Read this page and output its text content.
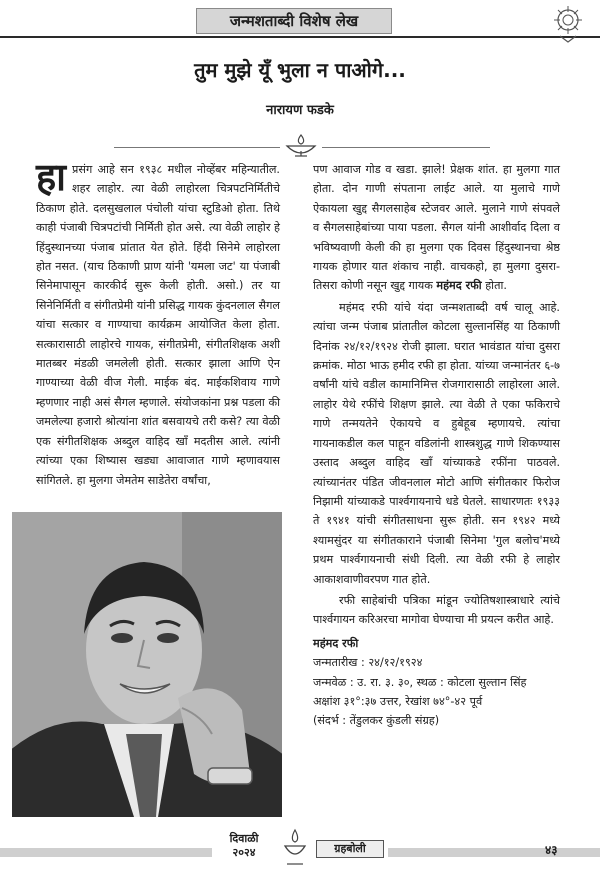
जन्मशताब्दी विशेष लेख
तुम मुझे यूँ भुला न पाओगे...
नारायण फडके

हा प्रसंग आहे सन १९३८ मधील नोव्हेंबर महिन्यातील. शहर लाहोर. त्या वेळी लाहोरला चित्रपटनिर्मितीचे ठिकाण होते. दलसुखलाल पंचोली यांचा स्टुडिओ होता. तिथे काही पंजाबी चित्रपटांची निर्मिती होत असे. त्या वेळी लाहोर हे हिंदुस्थानच्या पंजाब प्रांतात येत होते. हिंदी सिनेमे लाहोरला होत नसत. (याच ठिकाणी प्राण यांनी 'यमला जट' या पंजाबी सिनेमापासून कारकीर्द सुरू केली होती. असो.) तर या सिनेनिर्मिती व संगीतप्रेमी यांनी प्रसिद्ध गायक कुंदनलाल सैगल यांचा सत्कार व गाण्याचा कार्यक्रम आयोजित केला होता. सत्कारासाठी लाहोरचे गायक, संगीतप्रेमी, संगीतशिक्षक अशी मातब्बर मंडळी जमलेली होती. सत्कार झाला आणि ऐन गाण्याच्या वेळी वीज गेली. माईक बंद. माईकशिवाय गाणे म्हणणार नाही असं सैगल म्हणाले. संयोजकांना प्रश्न पडला की जमलेल्या हजारो श्रोत्यांना शांत बसवायचे तरी कसे? त्या वेळी एक संगीतशिक्षक अब्दुल वाहिद खाँ मदतीस आले. त्यांनी त्यांच्या एका शिष्यास खड्या आवाजात गाणे म्हणावयास सांगितले. हा मुलगा जेमतेम साडेतेरा वर्षांचा,

पण आवाज गोड व खडा. झाले! प्रेक्षक शांत. हा मुलगा गात होता. दोन गाणी संपताना लाईट आले. या मुलाचे गाणे ऐकायला खुद्द सैगलसाहेब स्टेजवर आले. मुलाने गाणे संपवले व सैगलसाहेबांच्या पाया पडला. सैगल यांनी आशीर्वाद दिला व भविष्यवाणी केली की हा मुलगा एक दिवस हिंदुस्थानचा श्रेष्ठ गायक होणार यात शंकाच नाही. वाचकहो, हा मुलगा दुसरा-तिसरा कोणी नसून खुद्द गायक महंमद रफी होता.

महंमद रफी यांचे यंदा जन्मशताब्दी वर्ष चालू आहे. त्यांचा जन्म पंजाब प्रांतातील कोटला सुल्तानसिंह या ठिकाणी दिनांक २४/१२/१९२४ रोजी झाला. घरात भावंडात यांचा दुसरा क्रमांक. मोठा भाऊ हमीद रफी हा होता. यांच्या जन्मानंतर ६-७ वर्षांनी यांचे वडील कामानिमित्त रोजगारासाठी लाहोरला आले. लाहोर येथे रफींचे शिक्षण झाले. त्या वेळी ते एका फकिराचे गाणे तन्मयतेने ऐकायचे व हुबेहूब म्हणायचे. त्यांचा गायनाकडील कल पाहून वडिलांनी शास्त्रशुद्ध गाणे शिकण्यास उस्ताद अब्दुल वाहिद खाँ यांच्याकडे रफींना पाठवले. त्यांच्यानंतर पंडित जीवनलाल मोटो आणि संगीतकार फिरोज निझामी यांच्याकडे पार्श्वगायनाचे धडे घेतले. साधारणतः १९३३ ते १९४१ यांची संगीतसाधना सुरू होती. सन १९४२ मध्ये श्यामसुंदर या संगीतकाराने पंजाबी सिनेमा 'गुल बलोच'मध्ये प्रथम पार्श्वगायनाची संधी दिली. त्या वेळी रफी हे लाहोर आकाशवाणीवरपण गात होते.

रफी साहेबांची पत्रिका मांडून ज्योतिषशास्त्राधारे त्यांचे पार्श्वगायन करिअरचा मागोवा घेण्याचा मी प्रयत्न करीत आहे.

महंमद रफी

जन्मतारीख : २४/१२/१९२४

जन्मवेळ : उ. रा. ३. ३०, स्थळ : कोटला सुल्तान सिंह

अक्षांश ३१°:३७ उत्तर, रेखांश ७४°-४२ पूर्व

(संदर्भ : तेंडुलकर कुंडली संग्रह)

दिवाळी
२०२४	ग्रहबोली	४३
